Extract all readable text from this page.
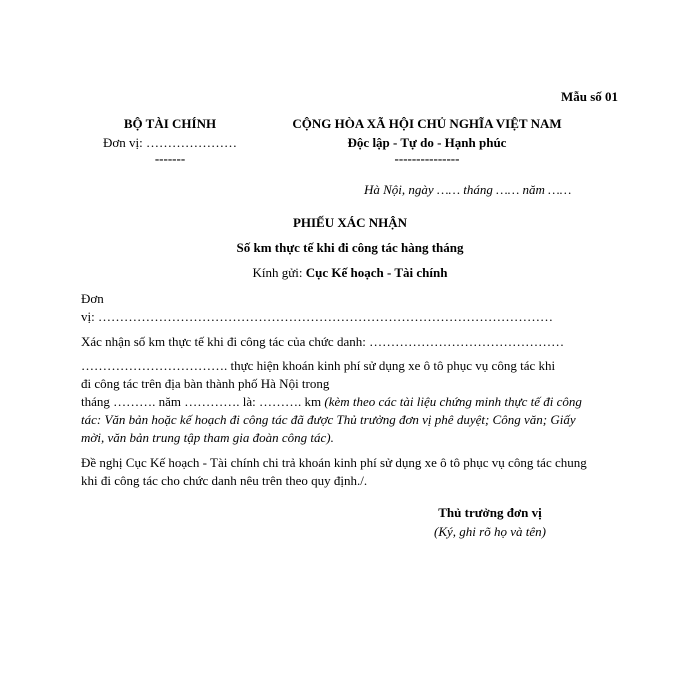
Mẫu số 01
BỘ TÀI CHÍNH
Đơn vị: …………………
-------
CỘNG HÒA XÃ HỘI CHỦ NGHĨA VIỆT NAM
Độc lập - Tự do - Hạnh phúc
---------------
Hà Nội, ngày …… tháng …… năm ……
PHIẾU XÁC NHẬN
Số km thực tế khi đi công tác hàng tháng
Kính gửi: Cục Kế hoạch - Tài chính
Đơn
vị: ……………………………………………………………………………………………
Xác nhận số km thực tế khi đi công tác của chức danh: ………………………………………
……………………………. thực hiện khoán kinh phí sử dụng xe ô tô phục vụ công tác khi
đi công tác trên địa bàn thành phố Hà Nội trong
tháng ………. năm …………. là: ………. km (kèm theo các tài liệu chứng minh thực tế đi công
tác: Văn bản hoặc kế hoạch đi công tác đã được Thủ trưởng đơn vị phê duyệt; Công văn; Giấy
mời, văn bản trung tập tham gia đoàn công tác).
Đề nghị Cục Kế hoạch - Tài chính chi trả khoán kinh phí sử dụng xe ô tô phục vụ công tác chung
khi đi công tác cho chức danh nêu trên theo quy định./.
Thủ trưởng đơn vị
(Ký, ghi rõ họ và tên)
